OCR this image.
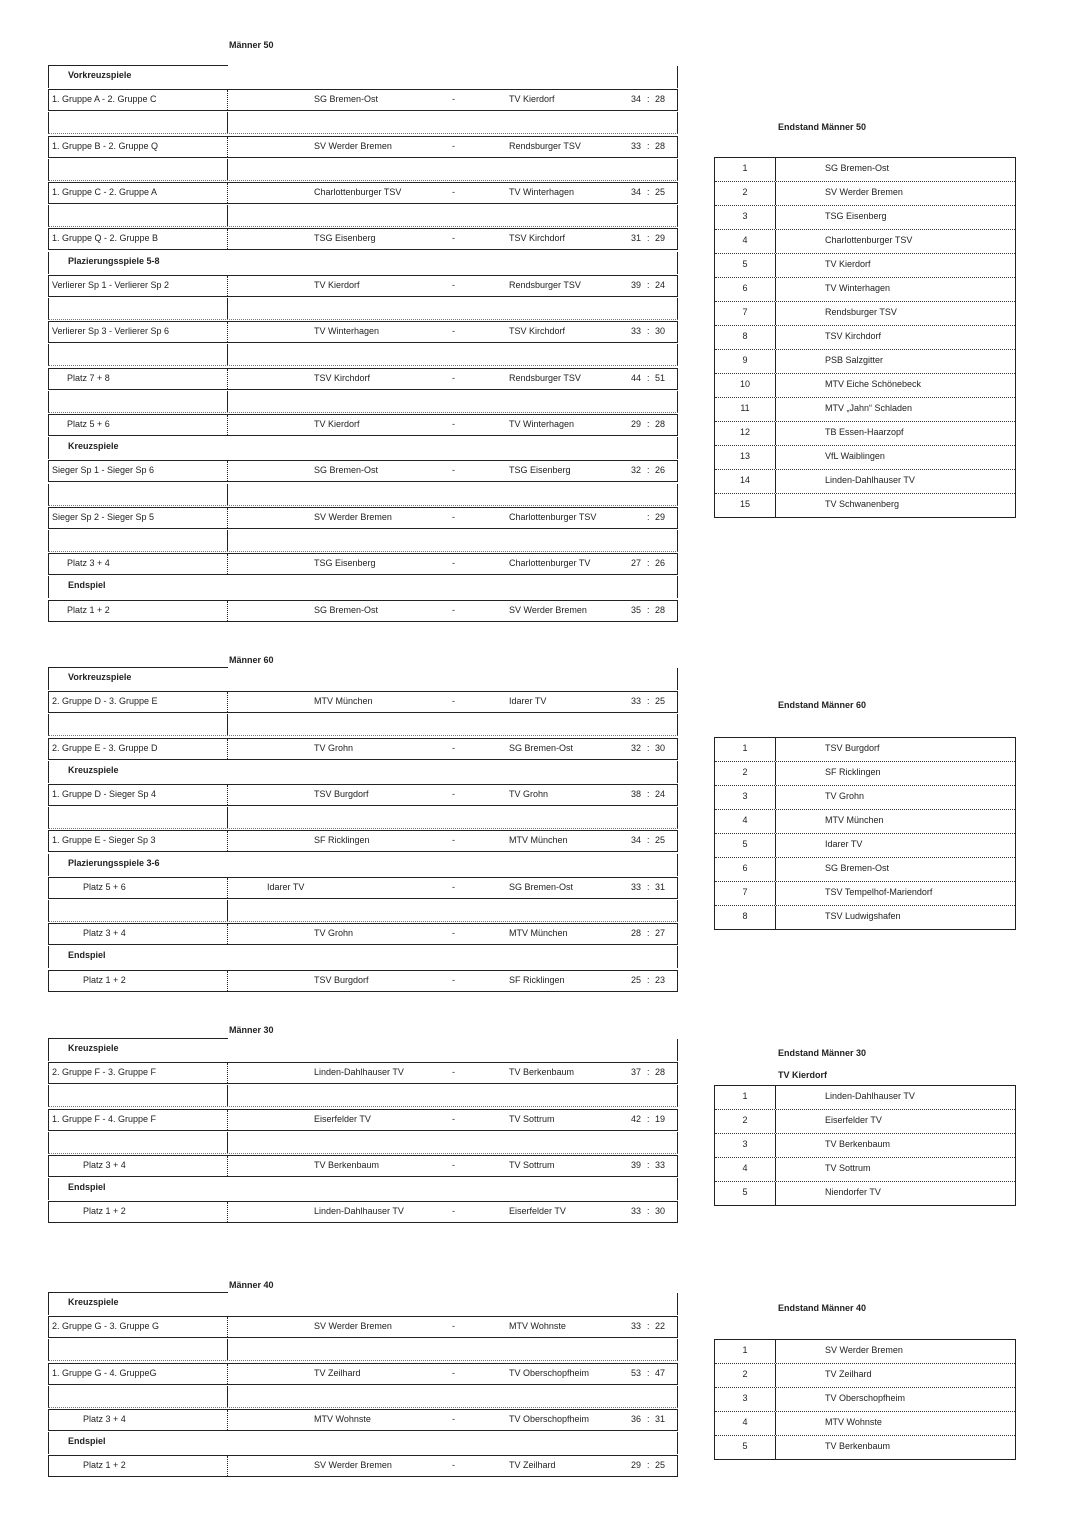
Männer 50
Vorkreuzspiele
1. Gruppe A - 2. Gruppe C	SG Bremen-Ost	-	TV Kierdorf	34 : 28
1. Gruppe B - 2. Gruppe Q	SV Werder Bremen	-	Rendsburger TSV	33 : 28
1. Gruppe C - 2. Gruppe A	Charlottenburger TSV	-	TV Winterhagen	34 : 25
1. Gruppe Q - 2. Gruppe B	TSG Eisenberg	-	TSV Kirchdorf	31 : 29
Plazierungsspiele 5-8
Verlierer Sp 1 - Verlierer Sp 2	TV Kierdorf	-	Rendsburger TSV	39 : 24
Verlierer Sp 3 - Verlierer Sp 6	TV Winterhagen	-	TSV Kirchdorf	33 : 30
Platz 7 + 8	TSV Kirchdorf	-	Rendsburger TSV	44 : 51
Platz 5 + 6	TV Kierdorf	-	TV Winterhagen	29 : 28
Kreuzspiele
Sieger Sp 1 - Sieger Sp 6	SG Bremen-Ost	-	TSG Eisenberg	32 : 26
Sieger Sp 2 - Sieger Sp 5	SV Werder Bremen	-	Charlottenburger TSV	: 29
Platz 3 + 4	TSG Eisenberg	-	Charlottenburger TV	27 : 26
Endspiel
Platz 1 + 2	SG Bremen-Ost	-	SV Werder Bremen	35 : 28
Endstand Männer 50
1	SG Bremen-Ost
2	SV Werder Bremen
3	TSG Eisenberg
4	Charlottenburger TSV
5	TV Kierdorf
6	TV Winterhagen
7	Rendsburger TSV
8	TSV Kirchdorf
9	PSB Salzgitter
10	MTV Eiche Schönebeck
11	MTV „Jahn“ Schladen
12	TB Essen-Haarzopf
13	VfL Waiblingen
14	Linden-Dahlhauser TV
15	TV Schwanenberg
Männer 60
Vorkreuzspiele
2. Gruppe D - 3. Gruppe E	MTV München	-	Idarer TV	33 : 25
2. Gruppe E - 3. Gruppe D	TV Grohn	-	SG Bremen-Ost	32 : 30
Kreuzspiele
1. Gruppe D - Sieger Sp 4	TSV Burgdorf	-	TV Grohn	38 : 24
1. Gruppe E - Sieger Sp 3	SF Ricklingen	-	MTV München	34 : 25
Plazierungsspiele 3-6
Platz 5 + 6	Idarer TV	-	SG Bremen-Ost	33 : 31
Platz 3 + 4	TV Grohn	-	MTV München	28 : 27
Endspiel
Platz 1 + 2	TSV Burgdorf	-	SF Ricklingen	25 : 23
Endstand Männer 60
1	TSV Burgdorf
2	SF Ricklingen
3	TV Grohn
4	MTV München
5	Idarer TV
6	SG Bremen-Ost
7	TSV Tempelhof-Mariendorf
8	TSV Ludwigshafen
Männer 30
Kreuzspiele
2. Gruppe F - 3. Gruppe F	Linden-Dahlhauser TV	-	TV Berkenbaum	37 : 28
1. Gruppe F - 4. Gruppe F	Eiserfelder TV	-	TV Sottrum	42 : 19
Platz 3 + 4	TV Berkenbaum	-	TV Sottrum	39 : 33
Endspiel
Platz 1 + 2	Linden-Dahlhauser TV	-	Eiserfelder TV	33 : 30
Endstand Männer 30
TV Kierdorf
1	Linden-Dahlhauser TV
2	Eiserfelder TV
3	TV Berkenbaum
4	TV Sottrum
5	Niendorfer TV
Männer 40
Kreuzspiele
2. Gruppe G - 3. Gruppe G	SV Werder Bremen	-	MTV Wohnste	33 : 22
1. Gruppe G - 4. GruppeG	TV Zeilhard	-	TV Oberschopfheim	53 : 47
Platz 3 + 4	MTV Wohnste	-	TV Oberschopfheim	36 : 31
Endspiel
Platz 1 + 2	SV Werder Bremen	-	TV Zeilhard	29 : 25
Endstand Männer 40
1	SV Werder Bremen
2	TV Zeilhard
3	TV Oberschopfheim
4	MTV Wohnste
5	TV Berkenbaum
